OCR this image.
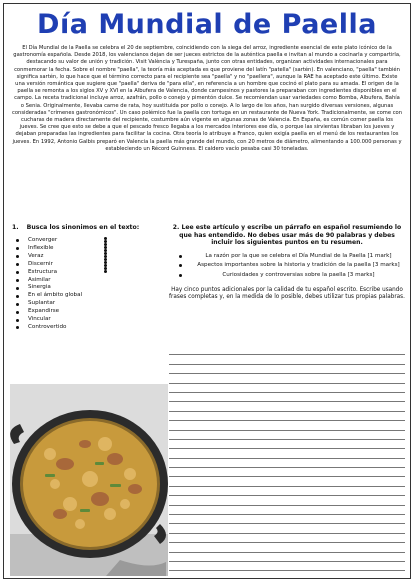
Día Mundial de Paella
El Día Mundial de la Paella se celebra el 20 de septiembre, coincidiendo con la siega del arroz, ingrediente esencial de este plato icónico de la gastronomía española. Desde 2018, los valencianos dejan de ser jueces estrictos de la auténtica paella e invitan al mundo a cocinarla y compartirla, destacando su valor de unión y tradición. Visit València y Turespaña, junto con otras entidades, organizan actividades internacionales para conmemorar la fecha. Sobre el nombre "paella", la teoría más aceptada es que proviene del latín "patella" (sartén). En valenciano, "paella" también significa sartén, lo que hace que el término correcto para el recipiente sea "paella" y no "paellera", aunque la RAE ha aceptado este último. Existe una versión romántica que sugiere que "paella" deriva de "para ella", en referencia a un hombre que cocinó el plato para su amada. El origen de la paella se remonta a los siglos XV y XVI en la Albufera de Valencia, donde campesinos y pastores la preparaban con ingredientes disponibles en el campo. La receta tradicional incluye arroz, azafrán, pollo o conejo y pimentón dulce. Se recomiendan usar variedades como Bomba, Albufera, Bahía o Senia. Originalmente, llevaba carne de rata, hoy sustituida por pollo o conejo. A lo largo de los años, han surgido diversas versiones, algunas consideradas "crímenes gastronómicos". Un caso polémico fue la paella con tortuga en un restaurante de Nueva York. Tradicionalmente, se come con cucharas de madera directamente del recipiente, costumbre aún vigente en algunas zonas de Valencia. En España, es común comer paella los jueves. Se cree que esto se debe a que el pescado fresco llegaba a los mercados interiores ese día, o porque las sirvientas libraban los jueves y dejaban preparadas las ingredientes para facilitar la cocina. Otra teoría lo atribuye a Franco, quien exigía paella en el menú de los restaurantes los jueves. En 1992, Antonio Galbis preparó en Valencia la paella más grande del mundo, con 20 metros de diámetro, alimentando a 100.000 personas y estableciendo un Récord Guinness. El caldero vacío pesaba casi 30 toneladas.
1. Busca los sinonimos en el texto:
Converger
Inflexible
Veraz
Discernir
Estructura
Asimilar
Sinergia
En el ámbito global
Suplantar
Expandirse
Vincular
Controvertido
2. Lee este artículo y escribe un párrafo en español resumiendo lo que has entendido. No debes usar más de 90 palabras y debes incluir los siguientes puntos en tu resumen.
La razón por la que se celebra el Día Mundial de la Paella [1 mark]
Aspectos importantes sobre la historia y tradición de la paella [3 marks]
Curiosidades y controversias sobre la paella [3 marks]
Hay cinco puntos adicionales por la calidad de tu español escrito. Escribe usando frases completas y, en la medida de lo posible, debes utilizar tus propias palabras.
